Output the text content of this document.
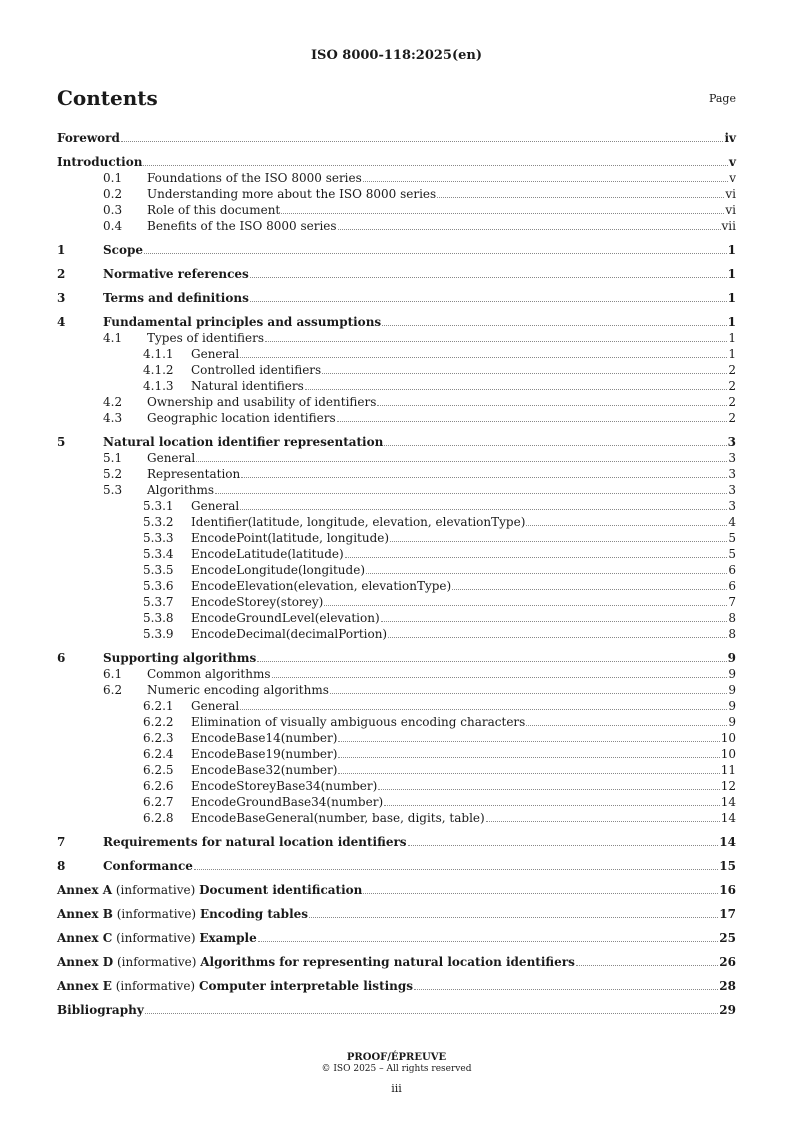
ISO 8000-118:2025(en)
Contents	Page
Foreword	iv
Introduction	v
0.1	Foundations of the ISO 8000 series	v
0.2	Understanding more about the ISO 8000 series	vi
0.3	Role of this document	vi
0.4	Benefits of the ISO 8000 series	vii
1	Scope	1
2	Normative references	1
3	Terms and definitions	1
4	Fundamental principles and assumptions	1
4.1	Types of identifiers	1
4.1.1	General	1
4.1.2	Controlled identifiers	2
4.1.3	Natural identifiers	2
4.2	Ownership and usability of identifiers	2
4.3	Geographic location identifiers	2
5	Natural location identifier representation	3
5.1	General	3
5.2	Representation	3
5.3	Algorithms	3
5.3.1	General	3
5.3.2	Identifier(latitude, longitude, elevation, elevationType)	4
5.3.3	EncodePoint(latitude, longitude)	5
5.3.4	EncodeLatitude(latitude)	5
5.3.5	EncodeLongitude(longitude)	6
5.3.6	EncodeElevation(elevation, elevationType)	6
5.3.7	EncodeStorey(storey)	7
5.3.8	EncodeGroundLevel(elevation)	8
5.3.9	EncodeDecimal(decimalPortion)	8
6	Supporting algorithms	9
6.1	Common algorithms	9
6.2	Numeric encoding algorithms	9
6.2.1	General	9
6.2.2	Elimination of visually ambiguous encoding characters	9
6.2.3	EncodeBase14(number)	10
6.2.4	EncodeBase19(number)	10
6.2.5	EncodeBase32(number)	11
6.2.6	EncodeStoreyBase34(number)	12
6.2.7	EncodeGroundBase34(number)	14
6.2.8	EncodeBaseGeneral(number, base, digits, table)	14
7	Requirements for natural location identifiers	14
8	Conformance	15
Annex A (informative) Document identification	16
Annex B (informative) Encoding tables	17
Annex C (informative) Example	25
Annex D (informative) Algorithms for representing natural location identifiers	26
Annex E (informative) Computer interpretable listings	28
Bibliography	29
PROOF/ÉPREUVE
© ISO 2025 – All rights reserved
iii
